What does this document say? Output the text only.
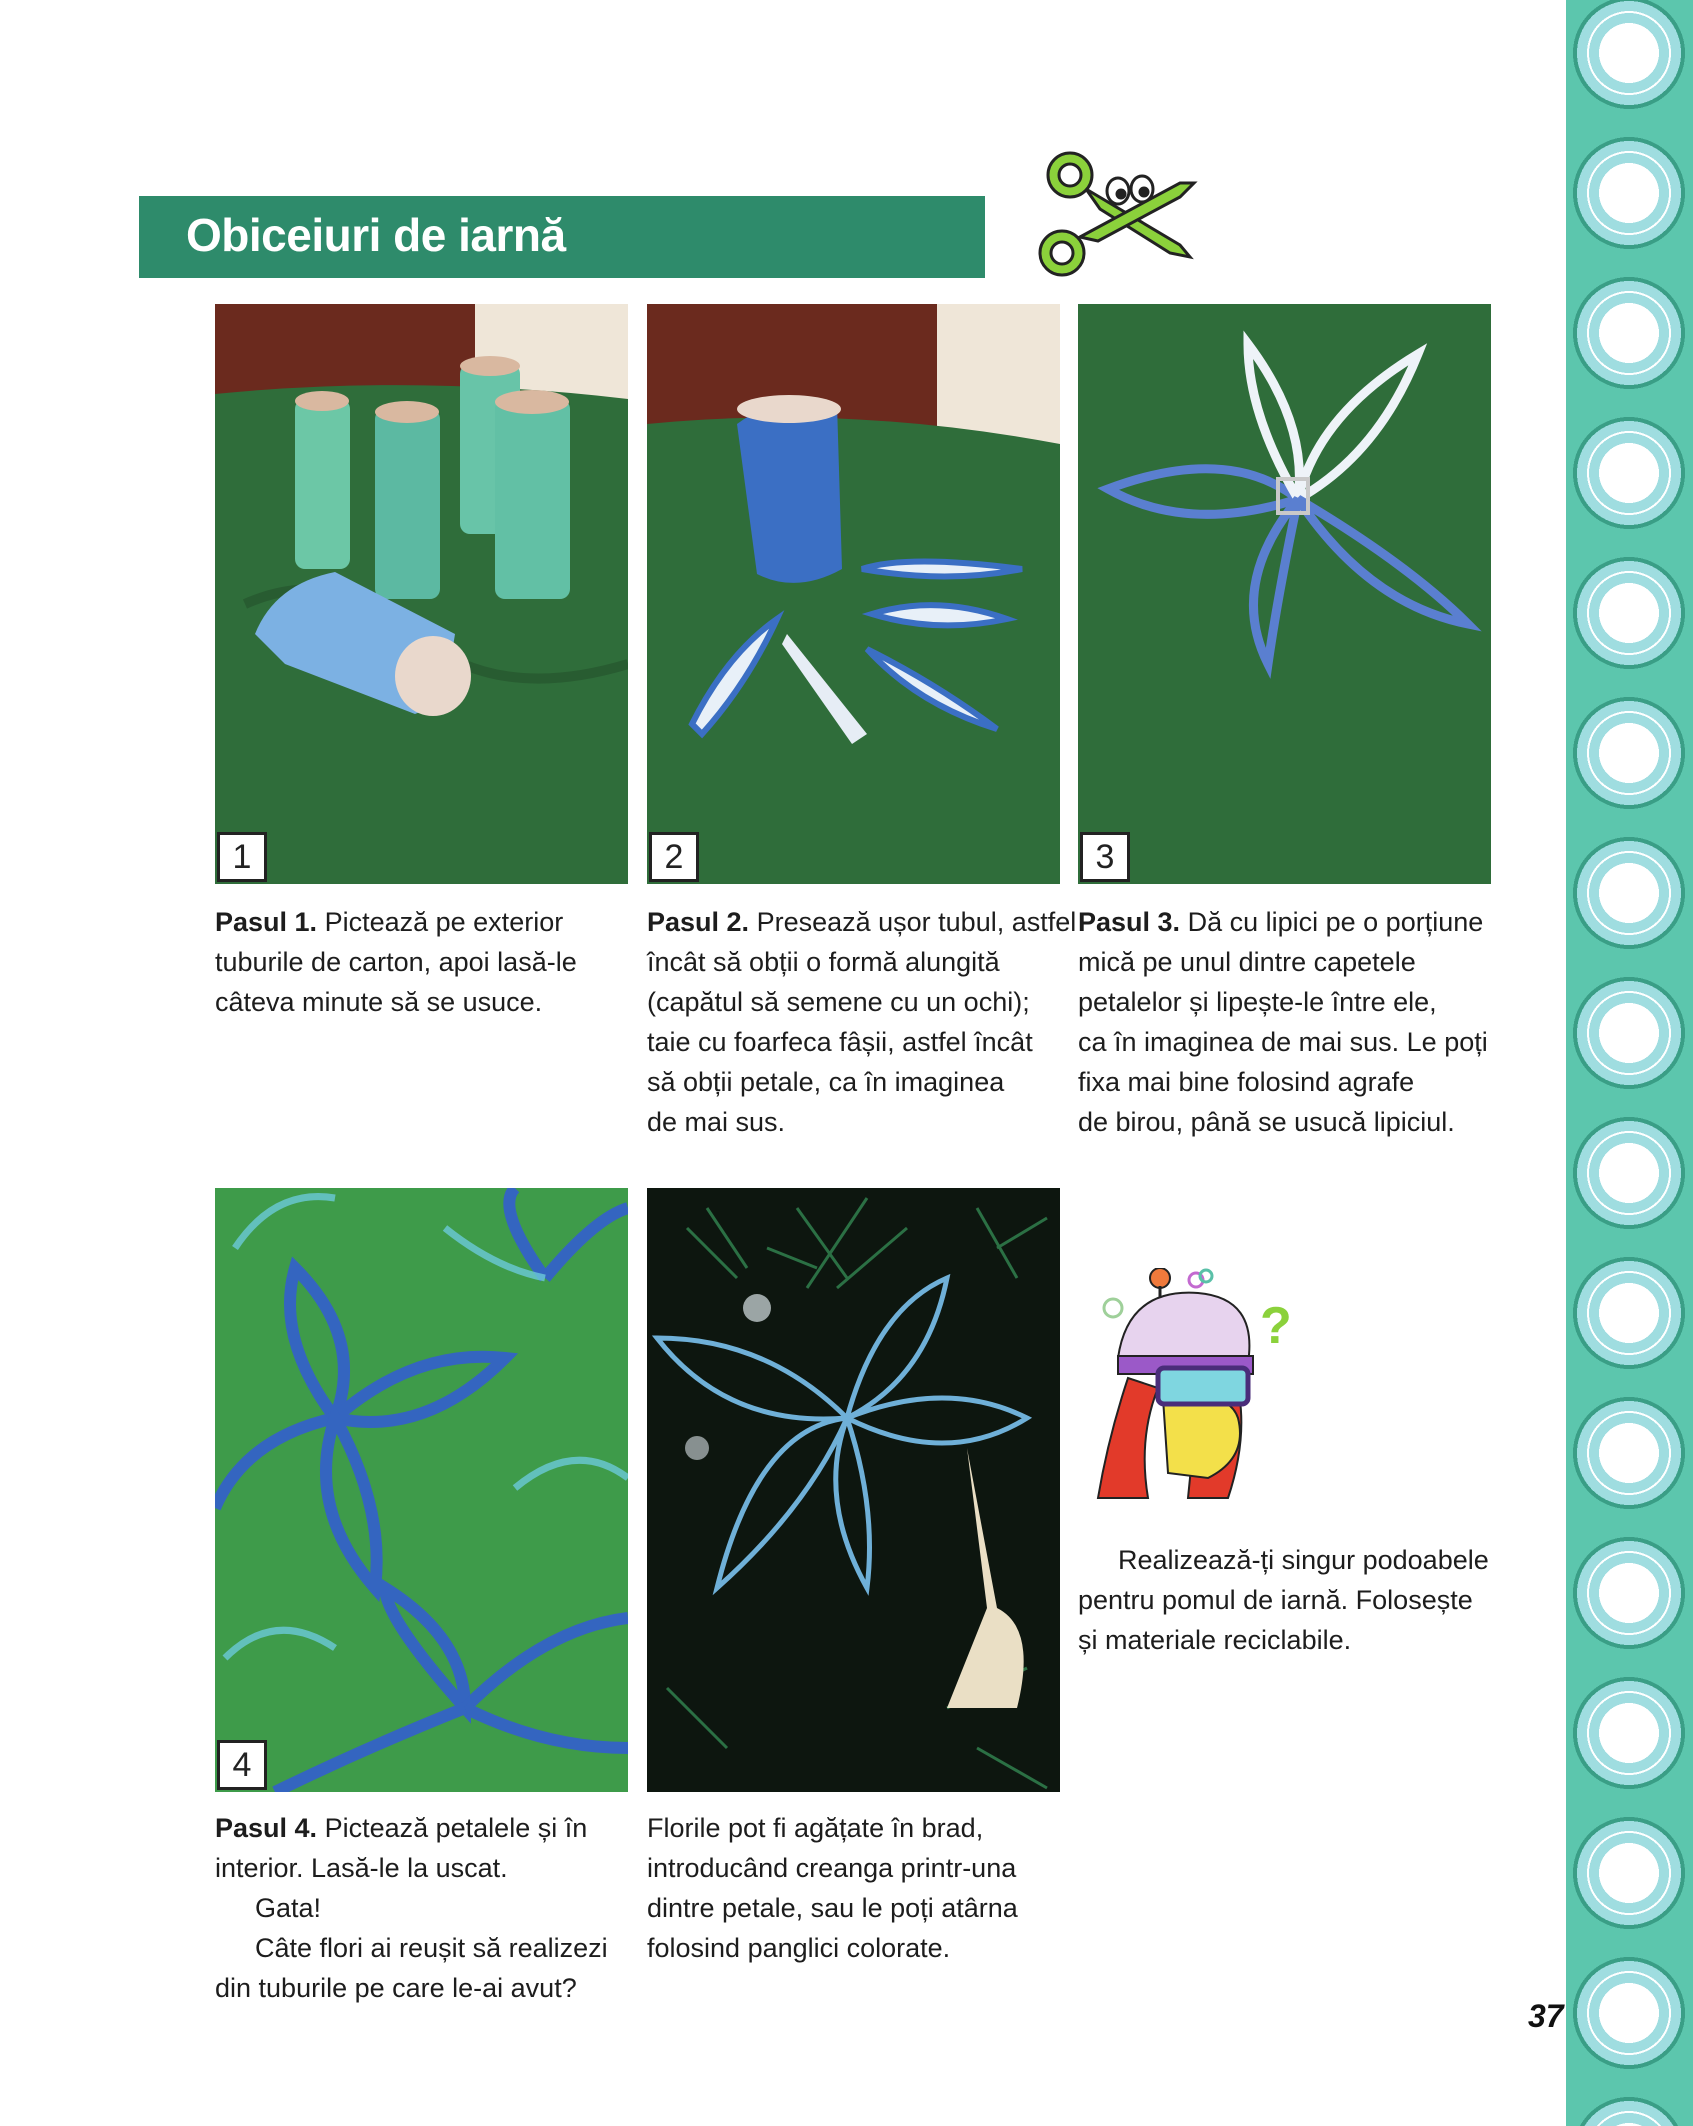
Obiceiuri de iarnă
1	2	3
4
Pasul 1. Pictează pe exterior
tuburile de carton, apoi lasă-le
câteva minute să se usuce.
Pasul 2. Presează ușor tubul, astfel
încât să obții o formă alungită
(capătul să semene cu un ochi);
taie cu foarfeca fâșii, astfel încât
să obții petale, ca în imaginea
de mai sus.
Pasul 3. Dă cu lipici pe o porțiune
mică pe unul dintre capetele
petalelor și lipește-le între ele,
ca în imaginea de mai sus. Le poți
fixa mai bine folosind agrafe
de birou, până se usucă lipiciul.
Pasul 4. Pictează petalele și în
interior. Lasă-le la uscat.
Gata!
Câte flori ai reușit să realizezi
din tuburile pe care le-ai avut?
Florile pot fi agățate în brad,
introducând creanga printr-una
dintre petale, sau le poți atârna
folosind panglici colorate.
?
Realizează-ți singur podoabele
pentru pomul de iarnă. Folosește
și materiale reciclabile.
37
